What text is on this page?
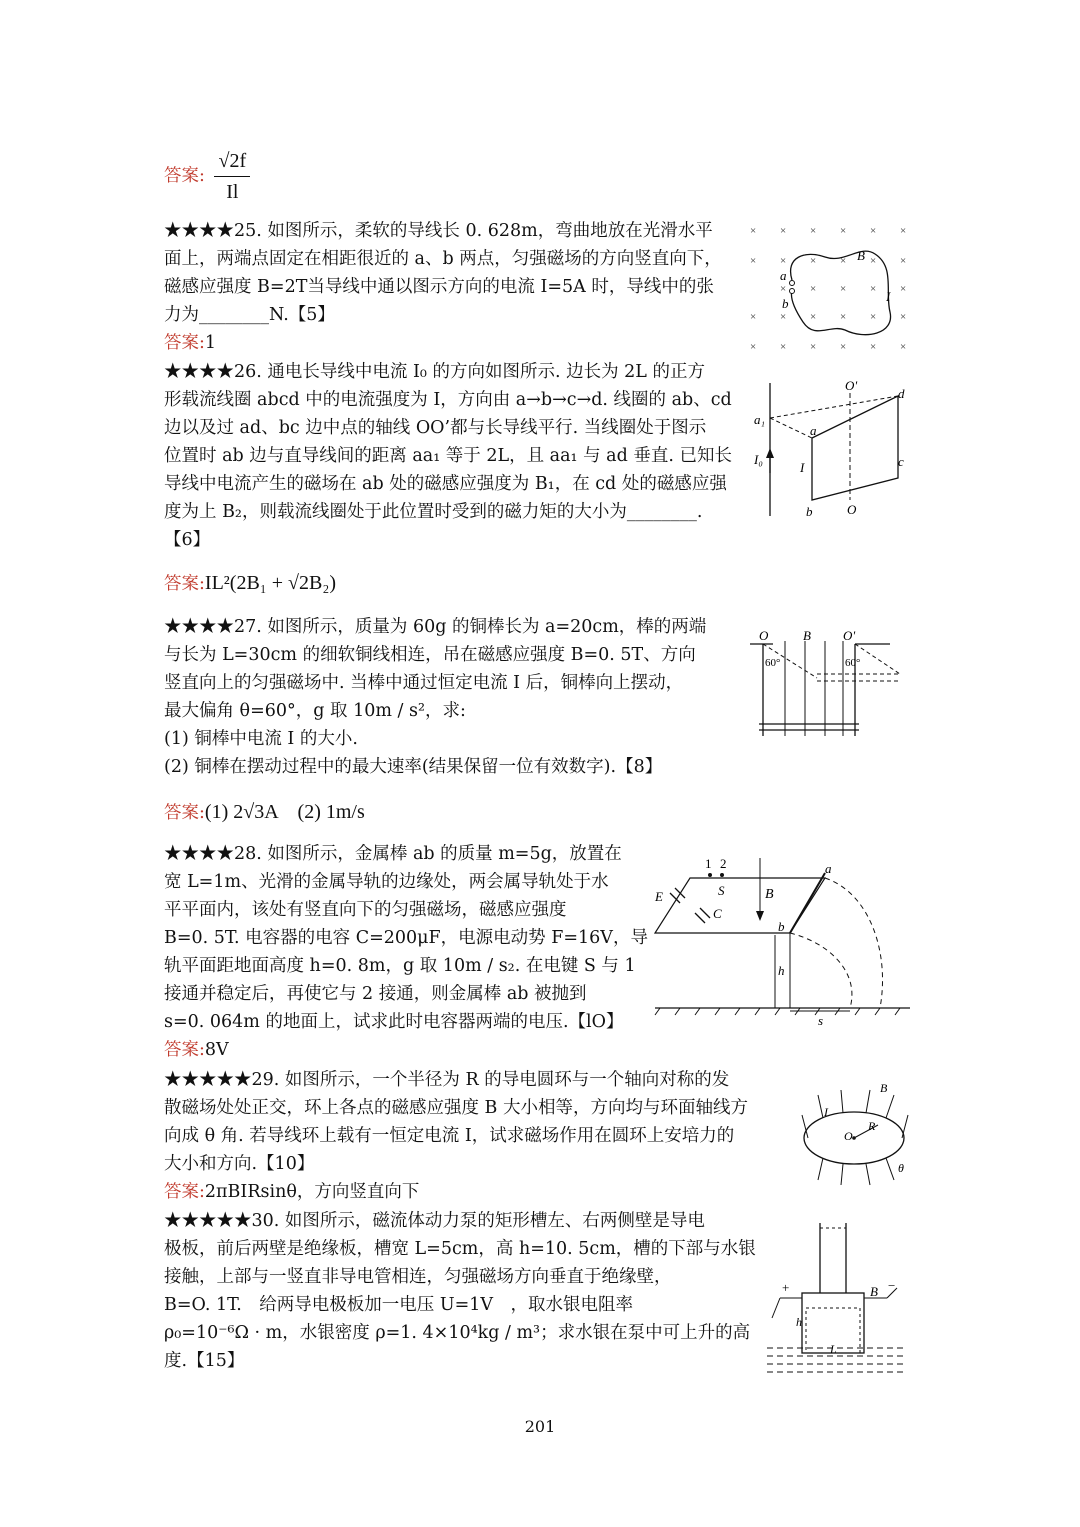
答案: $\frac{√2f}{Il}$
★★★★25. 如图所示，柔软的导线长 0. 628m，弯曲地放在光滑水平
面上，两端点固定在相距很近的 a、b 两点，匀强磁场的方向竖直向下，
磁感应强度 B=2T当导线中通以图示方向的电流 I=5A 时，导线中的张
力为________N.【5】
答案:1
× × × × × ×
× × × × × ×
× × × × ×
× × × × × ×
× × × × × ×
a
b
B
I
★★★★26. 通电长导线中电流 I₀ 的方向如图所示. 边长为 2L 的正方
形载流线圈 abcd 中的电流强度为 I，方向由 a→b→c→d. 线圈的 ab、cd
边以及过 ad、bc 边中点的轴线 OO’都与长导线平行. 当线圈处于图示
位置时 ab 边与直导线间的距离 aa₁ 等于 2L，且 aa₁ 与 ad 垂直. 已知长
导线中电流产生的磁场在 ab 处的磁感应强度为 B₁，在 cd 处的磁感应强
度为上 B₂，则载流线圈处于此位置时受到的磁力矩的大小为________.
【6】
答案:IL²(2B₁ + √2B₂)
O'
d
a₁
a
I₀
I	c
b	O
★★★★27. 如图所示，质量为 60g 的铜棒长为 a=20cm，棒的两端
与长为 L=30cm 的细软铜线相连，吊在磁感应强度 B=0. 5T、方向
竖直向上的匀强磁场中. 当棒中通过恒定电流 I 后，铜棒向上摆动，
最大偏角 θ=60°，g 取 10m / s²，求:
(1) 铜棒中电流 I 的大小.
(2) 铜棒在摆动过程中的最大速率(结果保留一位有效数字).【8】
答案:(1) 2√3A　(2) 1m/s
O	B O'
60°	60°
★★★★28. 如图所示，金属棒 ab 的质量 m=5g，放置在
宽 L=1m、光滑的金属导轨的边缘处，两会属导轨处于水
平平面内，该处有竖直向下的匀强磁场，磁感应强度
B=0. 5T. 电容器的电容 C=200μF，电源电动势 F=16V，导
轨平面距地面高度 h=0. 8m，g 取 10m / s₂. 在电键 S 与 1
接通并稳定后，再使它与 2 接通，则金属棒 ab 被抛到
s=0. 064m 的地面上，试求此时电容器两端的电压.【lO】
答案:8V
1 2	a
S
E	B
C
b
h
s
★★★★★29. 如图所示，一个半径为 R 的导电圆环与一个轴向对称的发
散磁场处处正交，环上各点的磁感应强度 B 大小相等，方向均与环面轴线方
向成 θ 角. 若导线环上载有一恒定电流 I，试求磁场作用在圆环上安培力的
大小和方向.【10】
答案:2πBIRsinθ，方向竖直向下
B
I
O
R
θ
★★★★★30. 如图所示，磁流体动力泵的矩形槽左、右两侧壁是导电
极板，前后两壁是绝缘板，槽宽 L=5cm，高 h=10. 5cm，槽的下部与水银
接触，上部与一竖直非导电管相连，匀强磁场方向垂直于绝缘壁，
B=O. 1T.　给两导电极板加一电压 U=1V　，取水银电阻率
ρ₀=10⁻⁶Ω · m，水银密度 ρ=1. 4×10⁴kg / m³；求水银在泵中可上升的高
度.【15】
+	−
B
h
L
201
